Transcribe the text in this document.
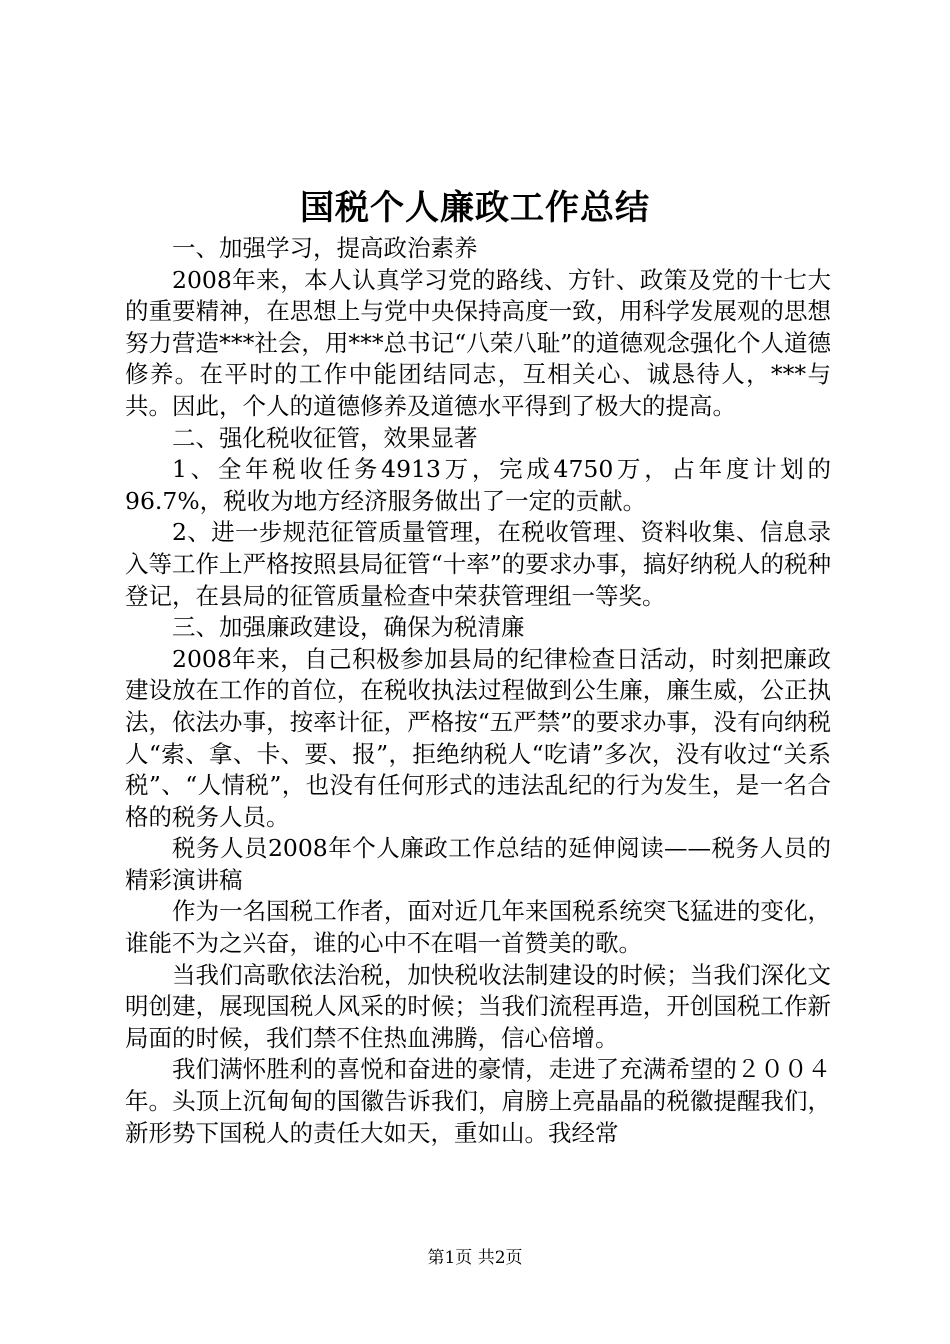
国税个人廉政工作总结

一、加强学习，提高政治素养

2008年来，本人认真学习党的路线、方针、政策及党的十七大的重要精神，在思想上与党中央保持高度一致，用科学发展观的思想努力营造***社会，用***总书记“八荣八耻”的道德观念强化个人道德修养。在平时的工作中能团结同志，互相关心、诚恳待人，***与共。因此，个人的道德修养及道德水平得到了极大的提高。

二、强化税收征管，效果显著

1、全年税收任务4913万，完成4750万，占年度计划的96.7%，税收为地方经济服务做出了一定的贡献。

2、进一步规范征管质量管理，在税收管理、资料收集、信息录入等工作上严格按照县局征管“十率”的要求办事，搞好纳税人的税种登记，在县局的征管质量检查中荣获管理组一等奖。

三、加强廉政建设，确保为税清廉

2008年来，自己积极参加县局的纪律检查日活动，时刻把廉政建设放在工作的首位，在税收执法过程做到公生廉，廉生威，公正执法，依法办事，按率计征，严格按“五严禁”的要求办事，没有向纳税人“索、拿、卡、要、报”，拒绝纳税人“吃请”多次，没有收过“关系税”、“人情税”，也没有任何形式的违法乱纪的行为发生，是一名合格的税务人员。

税务人员2008年个人廉政工作总结的延伸阅读——税务人员的精彩演讲稿

作为一名国税工作者，面对近几年来国税系统突飞猛进的变化，谁能不为之兴奋，谁的心中不在唱一首赞美的歌。

当我们高歌依法治税，加快税收法制建设的时候；当我们深化文明创建，展现国税人风采的时候；当我们流程再造，开创国税工作新局面的时候，我们禁不住热血沸腾，信心倍增。

我们满怀胜利的喜悦和奋进的豪情，走进了充满希望的２００４年。头顶上沉甸甸的国徽告诉我们，肩膀上亮晶晶的税徽提醒我们，新形势下国税人的责任大如天，重如山。我经常

第1页 共2页
